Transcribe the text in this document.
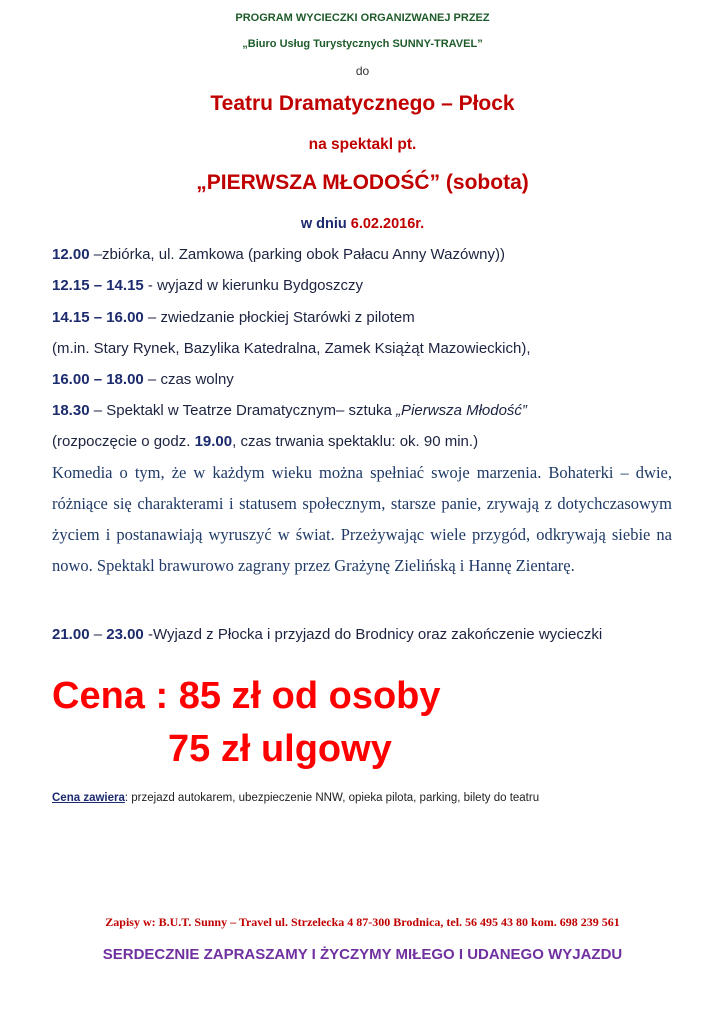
PROGRAM WYCIECZKI ORGANIZWANEJ PRZEZ
„Biuro Usług Turystycznych SUNNY-TRAVEL”
do
Teatru Dramatycznego – Płock
na spektakl pt.
„PIERWSZA MŁODOŚĆ” (sobota)
w dniu 6.02.2016r.
12.00 –zbiórka, ul. Zamkowa (parking obok Pałacu Anny Wazówny))
12.15 – 14.15 - wyjazd w kierunku Bydgoszczy
14.15 – 16.00 – zwiedzanie płockiej Starówki z pilotem
(m.in. Stary Rynek, Bazylika Katedralna, Zamek Książąt Mazowieckich),
16.00 – 18.00 – czas wolny
18.30 – Spektakl w Teatrze Dramatycznym– sztuka „Pierwsza Młodość”
(rozpoczęcie o godz. 19.00, czas trwania spektaklu: ok. 90 min.)
Komedia o tym, że w każdym wieku można spełniać swoje marzenia. Bohaterki – dwie, różniące się charakterami i statusem społecznym, starsze panie, zrywają z dotychczasowym życiem i postanawiają wyruszyć w świat. Przeżywając wiele przygód, odkrywają siebie na nowo. Spektakl brawurowo zagrany przez Grażynę Zielińską i Hannę Zientarę.
21.00 – 23.00 -Wyjazd z Płocka i przyjazd do Brodnicy oraz zakończenie wycieczki
Cena : 85 zł od osoby
75 zł ulgowy
Cena zawiera: przejazd autokarem, ubezpieczenie NNW, opieka pilota, parking, bilety do teatru
Zapisy w: B.U.T. Sunny – Travel ul. Strzelecka 4 87-300 Brodnica, tel. 56 495 43 80 kom. 698 239 561
SERDECZNIE ZAPRASZAMY I ŻYCZYMY MIŁEGO I UDANEGO WYJAZDU
